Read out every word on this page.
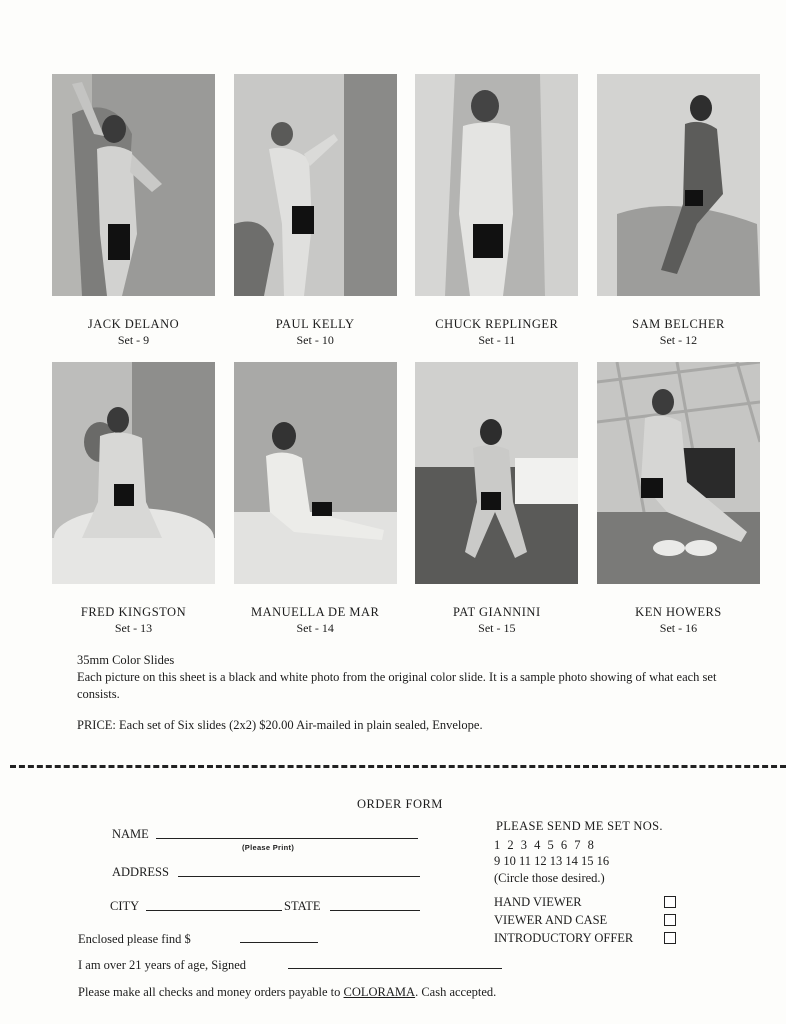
JACK DELANO
Set - 9
PAUL KELLY
Set - 10
CHUCK REPLINGER
Set - 11
SAM BELCHER
Set - 12
FRED KINGSTON
Set - 13
MANUELLA DE MAR
Set - 14
PAT GIANNINI
Set - 15
KEN HOWERS
Set - 16

35mm Color Slides

Each picture on this sheet is a black and white photo from the original color slide. It is a sample photo showing of what each set consists.

PRICE: Each set of Six slides (2x2) $20.00 Air-mailed in plain sealed, Envelope.

ORDER FORM
NAME
(Please Print)
ADDRESS
CITY	STATE
Enclosed please find $
I am over 21 years of age, Signed
Please make all checks and money orders payable to COLORAMA. Cash accepted.
PLEASE SEND ME SET NOS.
1 2 3 4 5 6 7 8
9 10 11 12 13 14 15 16
(Circle those desired.)
HAND VIEWER
VIEWER AND CASE
INTRODUCTORY OFFER
